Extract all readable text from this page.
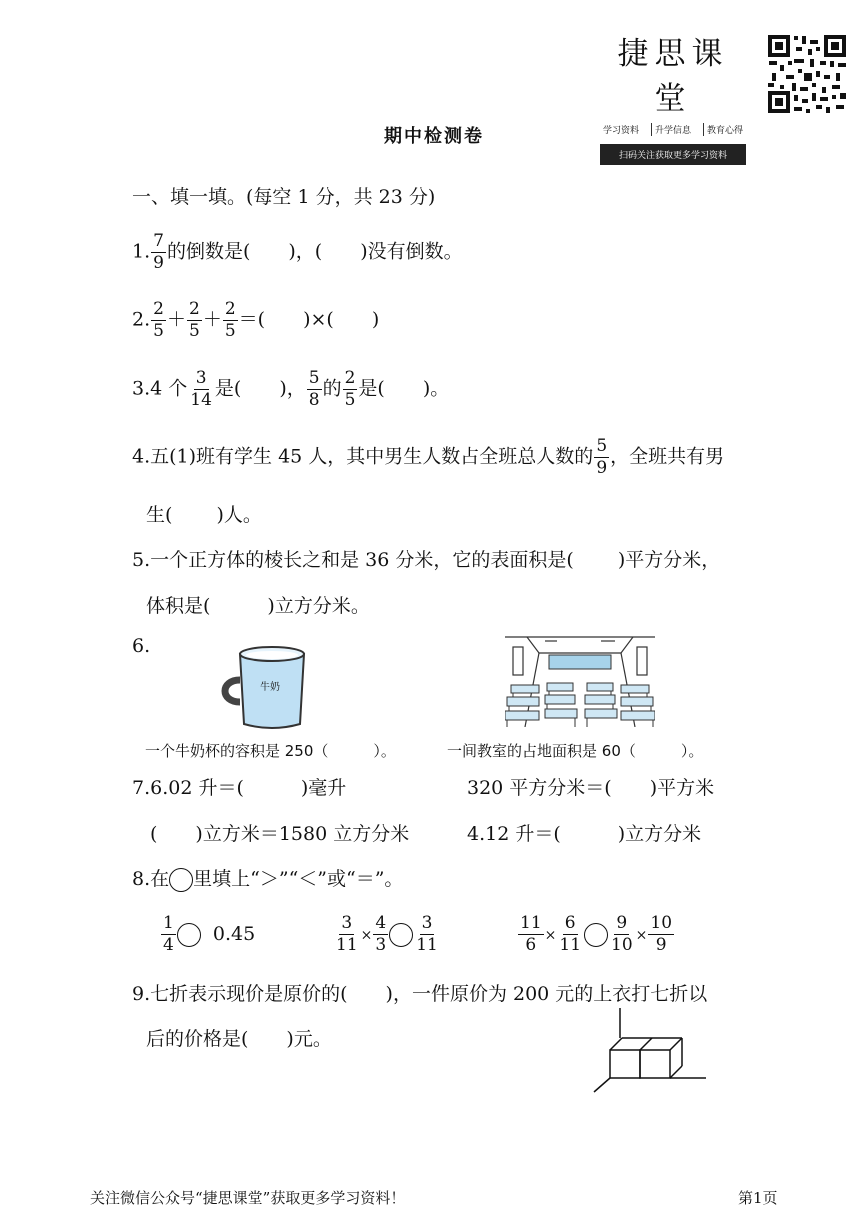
捷思课堂
学习资料	升学信息	教育心得
扫码关注获取更多学习资料
期中检测卷
一、填一填。(每空 1 分，共 23 分)
1. $\frac{7}{9}$ 的倒数是(　　)，(　　)没有倒数。
2. $\frac{2}{5} + \frac{2}{5} + \frac{2}{5}$ ＝(　　)×(　　)
3.4 个 $\frac{3}{14}$ 是(　　)， $\frac{5}{8}$ 的 $\frac{2}{5}$ 是(　　)。
4.五(1)班有学生 45 人，其中男生人数占全班总人数的 $\frac{5}{9}$ ，全班共有男
生(　　 )人。
5.一个正方体的棱长之和是 36 分米，它的表面积是(　　 )平方分米，
体积是(　　　)立方分米。
6.
牛奶
一个牛奶杯的容积是 250（　　　）。	一间教室的占地面积是 60（　　　）。
7.6.02 升＝(　　　)毫升	320 平方分米＝(　　)平方米
(　　)立方米＝1580 立方分米	4.12 升＝(　　　)立方分米
8.在 里填上“＞”“＜”或“＝”。
$\frac{1}{4} 0.45$	$\frac{3}{11} \times \frac{4}{3} \frac{3}{11}$	$\frac{11}{6} \times \frac{6}{11} \frac{9}{10} \times \frac{10}{9}$
9.七折表示现价是原价的(　　)，一件原价为 200 元的上衣打七折以
后的价格是(　　)元。
关注微信公众号“捷思课堂”获取更多学习资料！	第1页
